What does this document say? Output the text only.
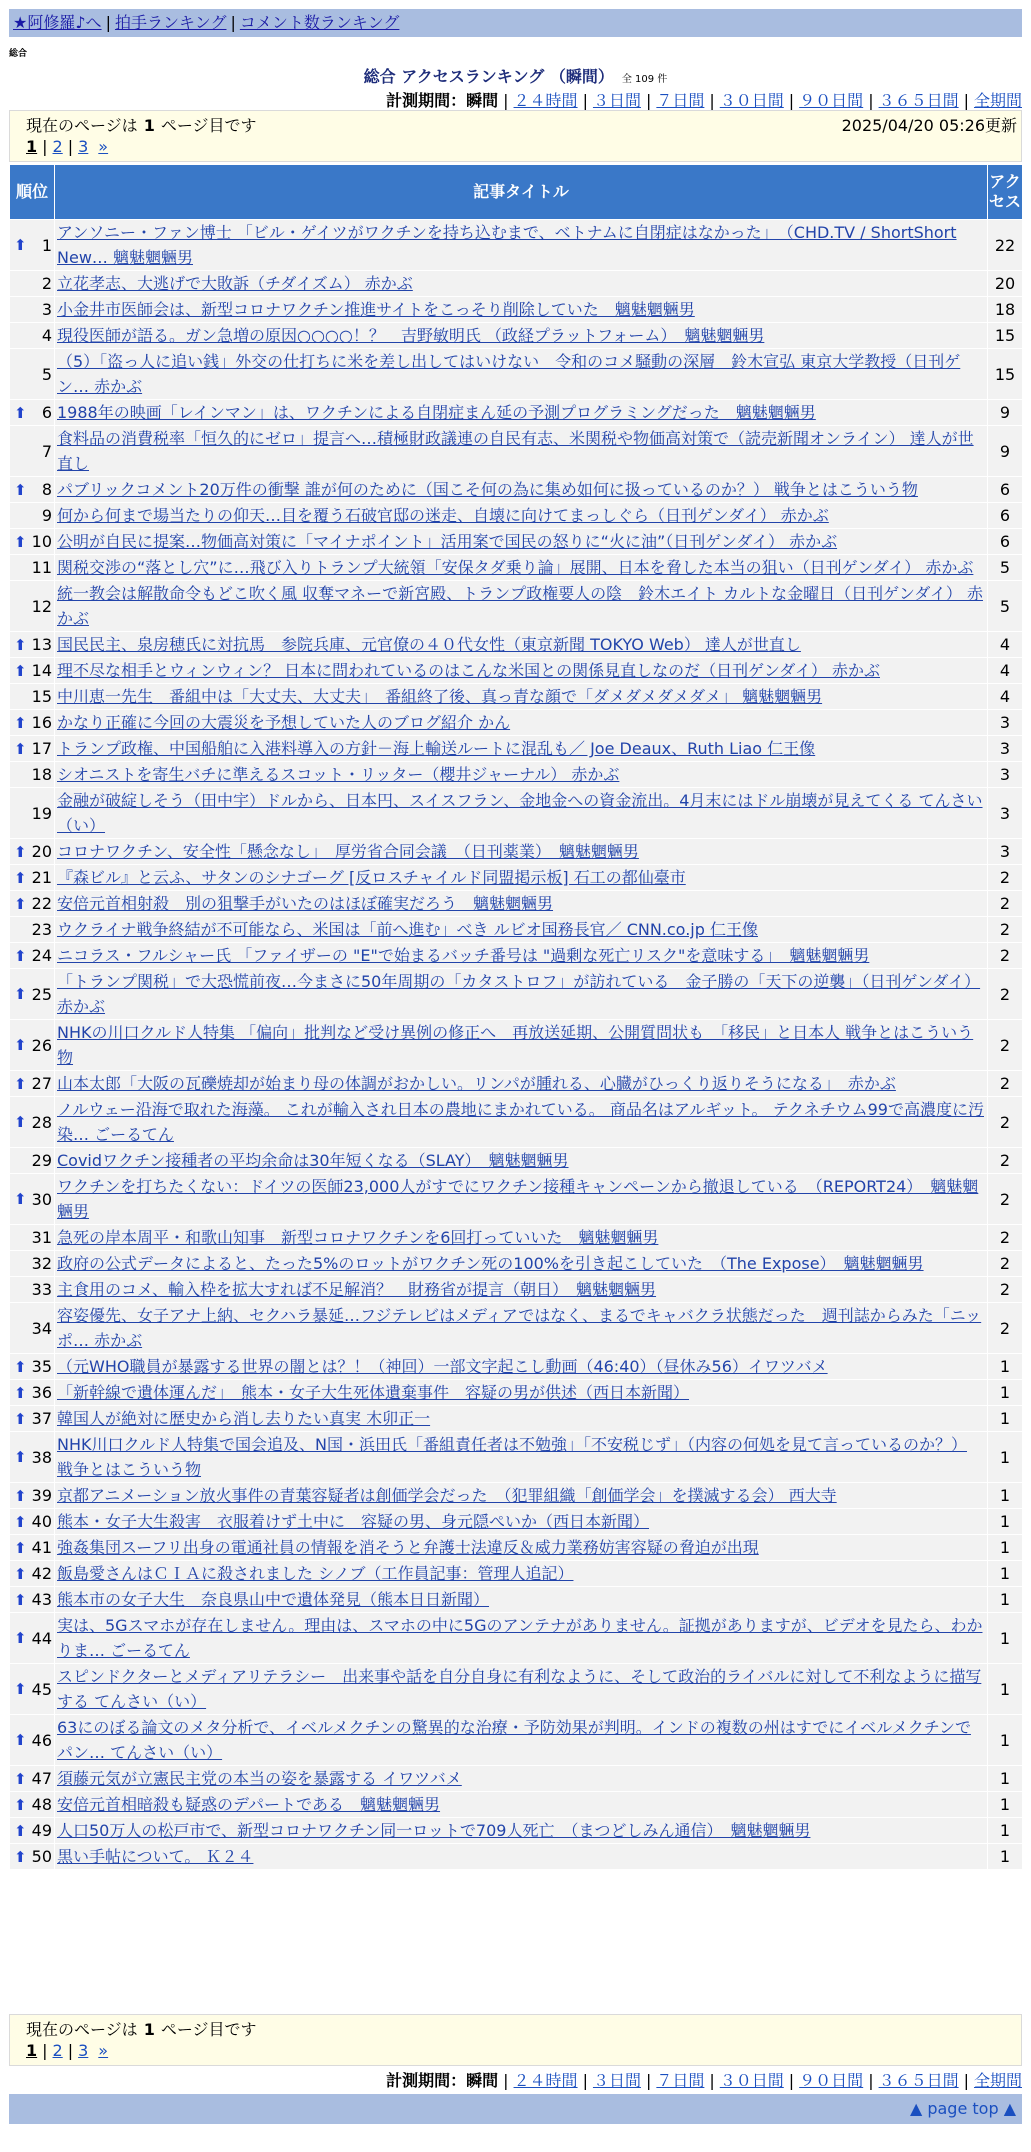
★阿修羅♪へ | 拍手ランキング | コメント数ランキング
総合
総合 アクセスランキング （瞬間） 全 109 件
計測期間：瞬間 | ２４時間 | ３日間 | ７日間 | ３０日間 | ９０日間 | ３６５日間 | 全期間
現在のページは 1 ページ目です	2025/04/20 05:26更新
1 | 2 | 3 »
順位	記事タイトル	アクセス

⬆ 1	アンソニー・ファン博士 「ビル・ゲイツがワクチンを持ち込むまで、ベトナムに自閉症はなかった」　（CHD.TV / ShortShort New… 魑魅魍魎男	22
2	立花孝志、大逃げで大敗訴（チダイズム） 赤かぶ	20
3	小金井市医師会は、新型コロナワクチン推進サイトをこっそり削除していた　魑魅魍魎男	18
4	現役医師が語る。ガン急増の原因○○○○！？　吉野敏明氏 （政経プラットフォーム）　魑魅魍魎男	15
5	（5）「盗っ人に追い銭」外交の仕打ちに米を差し出してはいけない　令和のコメ騒動の深層　鈴木宣弘 東京大学教授（日刊ゲン… 赤かぶ	15

⬆ 6	1988年の映画「レインマン」は、ワクチンによる自閉症まん延の予測プログラミングだった　魑魅魍魎男	9
7	食料品の消費税率「恒久的にゼロ」提言へ…積極財政議連の自民有志、米関税や物価高対策で（読売新聞オンライン） 達人が世直し	9

⬆ 8	パブリックコメント20万件の衝撃 誰が何のために（国こそ何の為に集め如何に扱っているのか？） 戦争とはこういう物	6
9	何から何まで場当たりの仰天…目を覆う石破官邸の迷走、自壊に向けてまっしぐら（日刊ゲンダイ） 赤かぶ	6

⬆ 10	公明が自民に提案…物価高対策に「マイナポイント」活用案で国民の怒りに“火に油”（日刊ゲンダイ） 赤かぶ	6
11	関税交渉の“落とし穴”に…飛び入りトランプ大統領「安保タダ乗り論」展開、日本を脅した本当の狙い（日刊ゲンダイ） 赤かぶ	5
12	統一教会は解散命令もどこ吹く風 収奪マネーで新宮殿、トランプ政権要人の陰　鈴木エイト カルトな金曜日（日刊ゲンダイ） 赤かぶ	5

⬆ 13	国民民主、泉房穂氏に対抗馬　参院兵庫、元官僚の４０代女性（東京新聞 TOKYO Web） 達人が世直し	4

⬆ 14	理不尽な相手とウィンウィン？ 日本に問われているのはこんな米国との関係見直しなのだ（日刊ゲンダイ） 赤かぶ	4
15	中川恵一先生　番組中は「大丈夫、大丈夫」　番組終了後、真っ青な顔で「ダメダメダメダメ」 魑魅魍魎男	4

⬆ 16	かなり正確に今回の大震災を予想していた人のブログ紹介 かん	3

⬆ 17	トランプ政権、中国船舶に入港料導入の方針－海上輸送ルートに混乱も／ Joe Deaux、Ruth Liao 仁王像	3
18	シオニストを寄生バチに準えるスコット・リッター（櫻井ジャーナル） 赤かぶ	3
19	金融が破綻しそう（田中宇）ドルから、日本円、スイスフラン、金地金への資金流出。4月末にはドル崩壊が見えてくる てんさい（い）	3

⬆ 20	コロナワクチン、安全性「懸念なし」　厚労省合同会議　（日刊薬業）　魑魅魍魎男	3

⬆ 21	『森ビル』と云ふ、サタンのシナゴーグ [反ロスチャイルド同盟掲示板] 石工の都仙臺市	2

⬆ 22	安倍元首相射殺　別の狙撃手がいたのはほぼ確実だろう　魑魅魍魎男	2
23	ウクライナ戦争終結が不可能なら、米国は「前へ進む」べき ルビオ国務長官／ CNN.co.jp 仁王像	2

⬆ 24	ニコラス・フルシャー氏 「ファイザーの "E"で始まるバッチ番号は "過剰な死亡リスク"を意味する」　魑魅魍魎男	2

⬆ 25	「トランプ関税」で大恐慌前夜…今まさに50年周期の「カタストロフ」が訪れている　金子勝の「天下の逆襲」（日刊ゲンダイ） 赤かぶ	2

⬆ 26	NHKの川口クルド人特集 「偏向」批判など受け異例の修正へ　再放送延期、公開質問状も　「移民」と日本人 戦争とはこういう物	2

⬆ 27	山本太郎「大阪の瓦礫焼却が始まり母の体調がおかしい。リンパが腫れる、心臓がひっくり返りそうになる」　赤かぶ	2

⬆ 28	ノルウェー沿海で取れた海藻。 これが輸入され日本の農地にまかれている。 商品名はアルギット。 テクネチウム99で高濃度に汚染… ごーるてん	2
29	Covidワクチン接種者の平均余命は30年短くなる（SLAY）　魑魅魍魎男	2

⬆ 30	ワクチンを打ちたくない：ドイツの医師23,000人がすでにワクチン接種キャンペーンから撤退している　（REPORT24）　魑魅魍魎男	2
31	急死の岸本周平・和歌山知事　新型コロナワクチンを6回打っていいた　魑魅魍魎男	2
32	政府の公式データによると、たった5%のロットがワクチン死の100%を引き起こしていた　（The Expose）　魑魅魍魎男	2
33	主食用のコメ、輸入枠を拡大すれば不足解消？　財務省が提言（朝日）　魑魅魍魎男	2
34	容姿優先、女子アナ上納、セクハラ暴延…フジテレビはメディアではなく、まるでキャバクラ状態だった　週刊誌からみた「ニッポ… 赤かぶ	2

⬆ 35	（元WHO職員が暴露する世界の闇とは？！（神回）一部文字起こし動画（46:40）（昼休み56）イワツバメ	1

⬆ 36	「新幹線で遺体運んだ」　熊本・女子大生死体遺棄事件　容疑の男が供述（西日本新聞）	1

⬆ 37	韓国人が絶対に歴史から消し去りたい真実 木卯正一	1

⬆ 38	NHK川口クルド人特集で国会追及、N国・浜田氏「番組責任者は不勉強」「不安税じず」（内容の何処を見て言っているのか？） 戦争とはこういう物	1

⬆ 39	京都アニメーション放火事件の青葉容疑者は創価学会だった　（犯罪組織「創価学会」を撲滅する会） 西大寺	1

⬆ 40	熊本・女子大生殺害　衣服着けず土中に　容疑の男、身元隠ぺいか（西日本新聞）	1

⬆ 41	強姦集団スーフリ出身の電通社員の情報を消そうと弁護士法違反＆威力業務妨害容疑の脅迫が出現	1

⬆ 42	飯島愛さんはＣＩＡに殺されました シノブ（工作員記事：管理人追記）	1

⬆ 43	熊本市の女子大生　奈良県山中で遺体発見（熊本日日新聞）	1

⬆ 44	実は、5Gスマホが存在しません。理由は、スマホの中に5Gのアンテナがありません。証拠がありますが、ビデオを見たら、わかりま… ごーるてん	1

⬆ 45	スピンドクターとメディアリテラシー　出来事や話を自分自身に有利なように、そして政治的ライバルに対して不利なように描写する てんさい（い）	1

⬆ 46	63にのぼる論文のメタ分析で、イベルメクチンの驚異的な治療・予防効果が判明。インドの複数の州はすでにイベルメクチンでパン… てんさい（い）	1

⬆ 47	須藤元気が立憲民主党の本当の姿を暴露する イワツバメ	1

⬆ 48	安倍元首相暗殺も疑惑のデパートである　魑魅魍魎男	1

⬆ 49	人口50万人の松戸市で、新型コロナワクチン同一ロットで709人死亡　（まつどしみん通信）　魑魅魍魎男	1

⬆ 50	黒い手帖について。 Ｋ２４	1
現在のページは 1 ページ目です
1 | 2 | 3 »
計測期間：瞬間 | ２４時間 | ３日間 | ７日間 | ３０日間 | ９０日間 | ３６５日間 | 全期間
▲ page top ▲
